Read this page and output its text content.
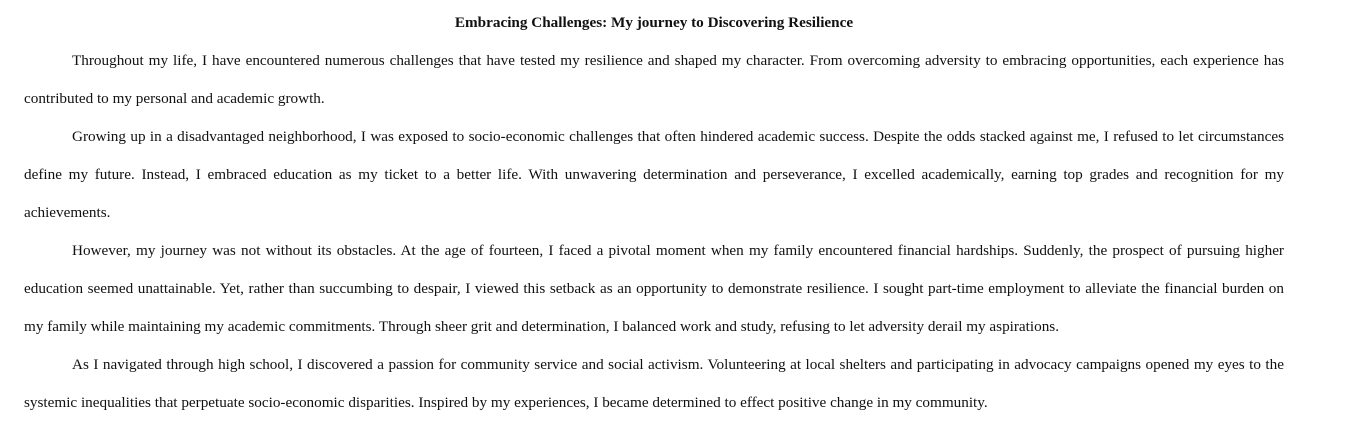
Embracing Challenges: My journey to Discovering Resilience

Throughout my life, I have encountered numerous challenges that have tested my resilience and shaped my character. From overcoming adversity to embracing opportunities, each experience has contributed to my personal and academic growth.

Growing up in a disadvantaged neighborhood, I was exposed to socio-economic challenges that often hindered academic success. Despite the odds stacked against me, I refused to let circumstances define my future. Instead, I embraced education as my ticket to a better life. With unwavering determination and perseverance, I excelled academically, earning top grades and recognition for my achievements.

However, my journey was not without its obstacles. At the age of fourteen, I faced a pivotal moment when my family encountered financial hardships. Suddenly, the prospect of pursuing higher education seemed unattainable. Yet, rather than succumbing to despair, I viewed this setback as an opportunity to demonstrate resilience. I sought part-time employment to alleviate the financial burden on my family while maintaining my academic commitments. Through sheer grit and determination, I balanced work and study, refusing to let adversity derail my aspirations.

As I navigated through high school, I discovered a passion for community service and social activism. Volunteering at local shelters and participating in advocacy campaigns opened my eyes to the systemic inequalities that perpetuate socio-economic disparities. Inspired by my experiences, I became determined to effect positive change in my community.
